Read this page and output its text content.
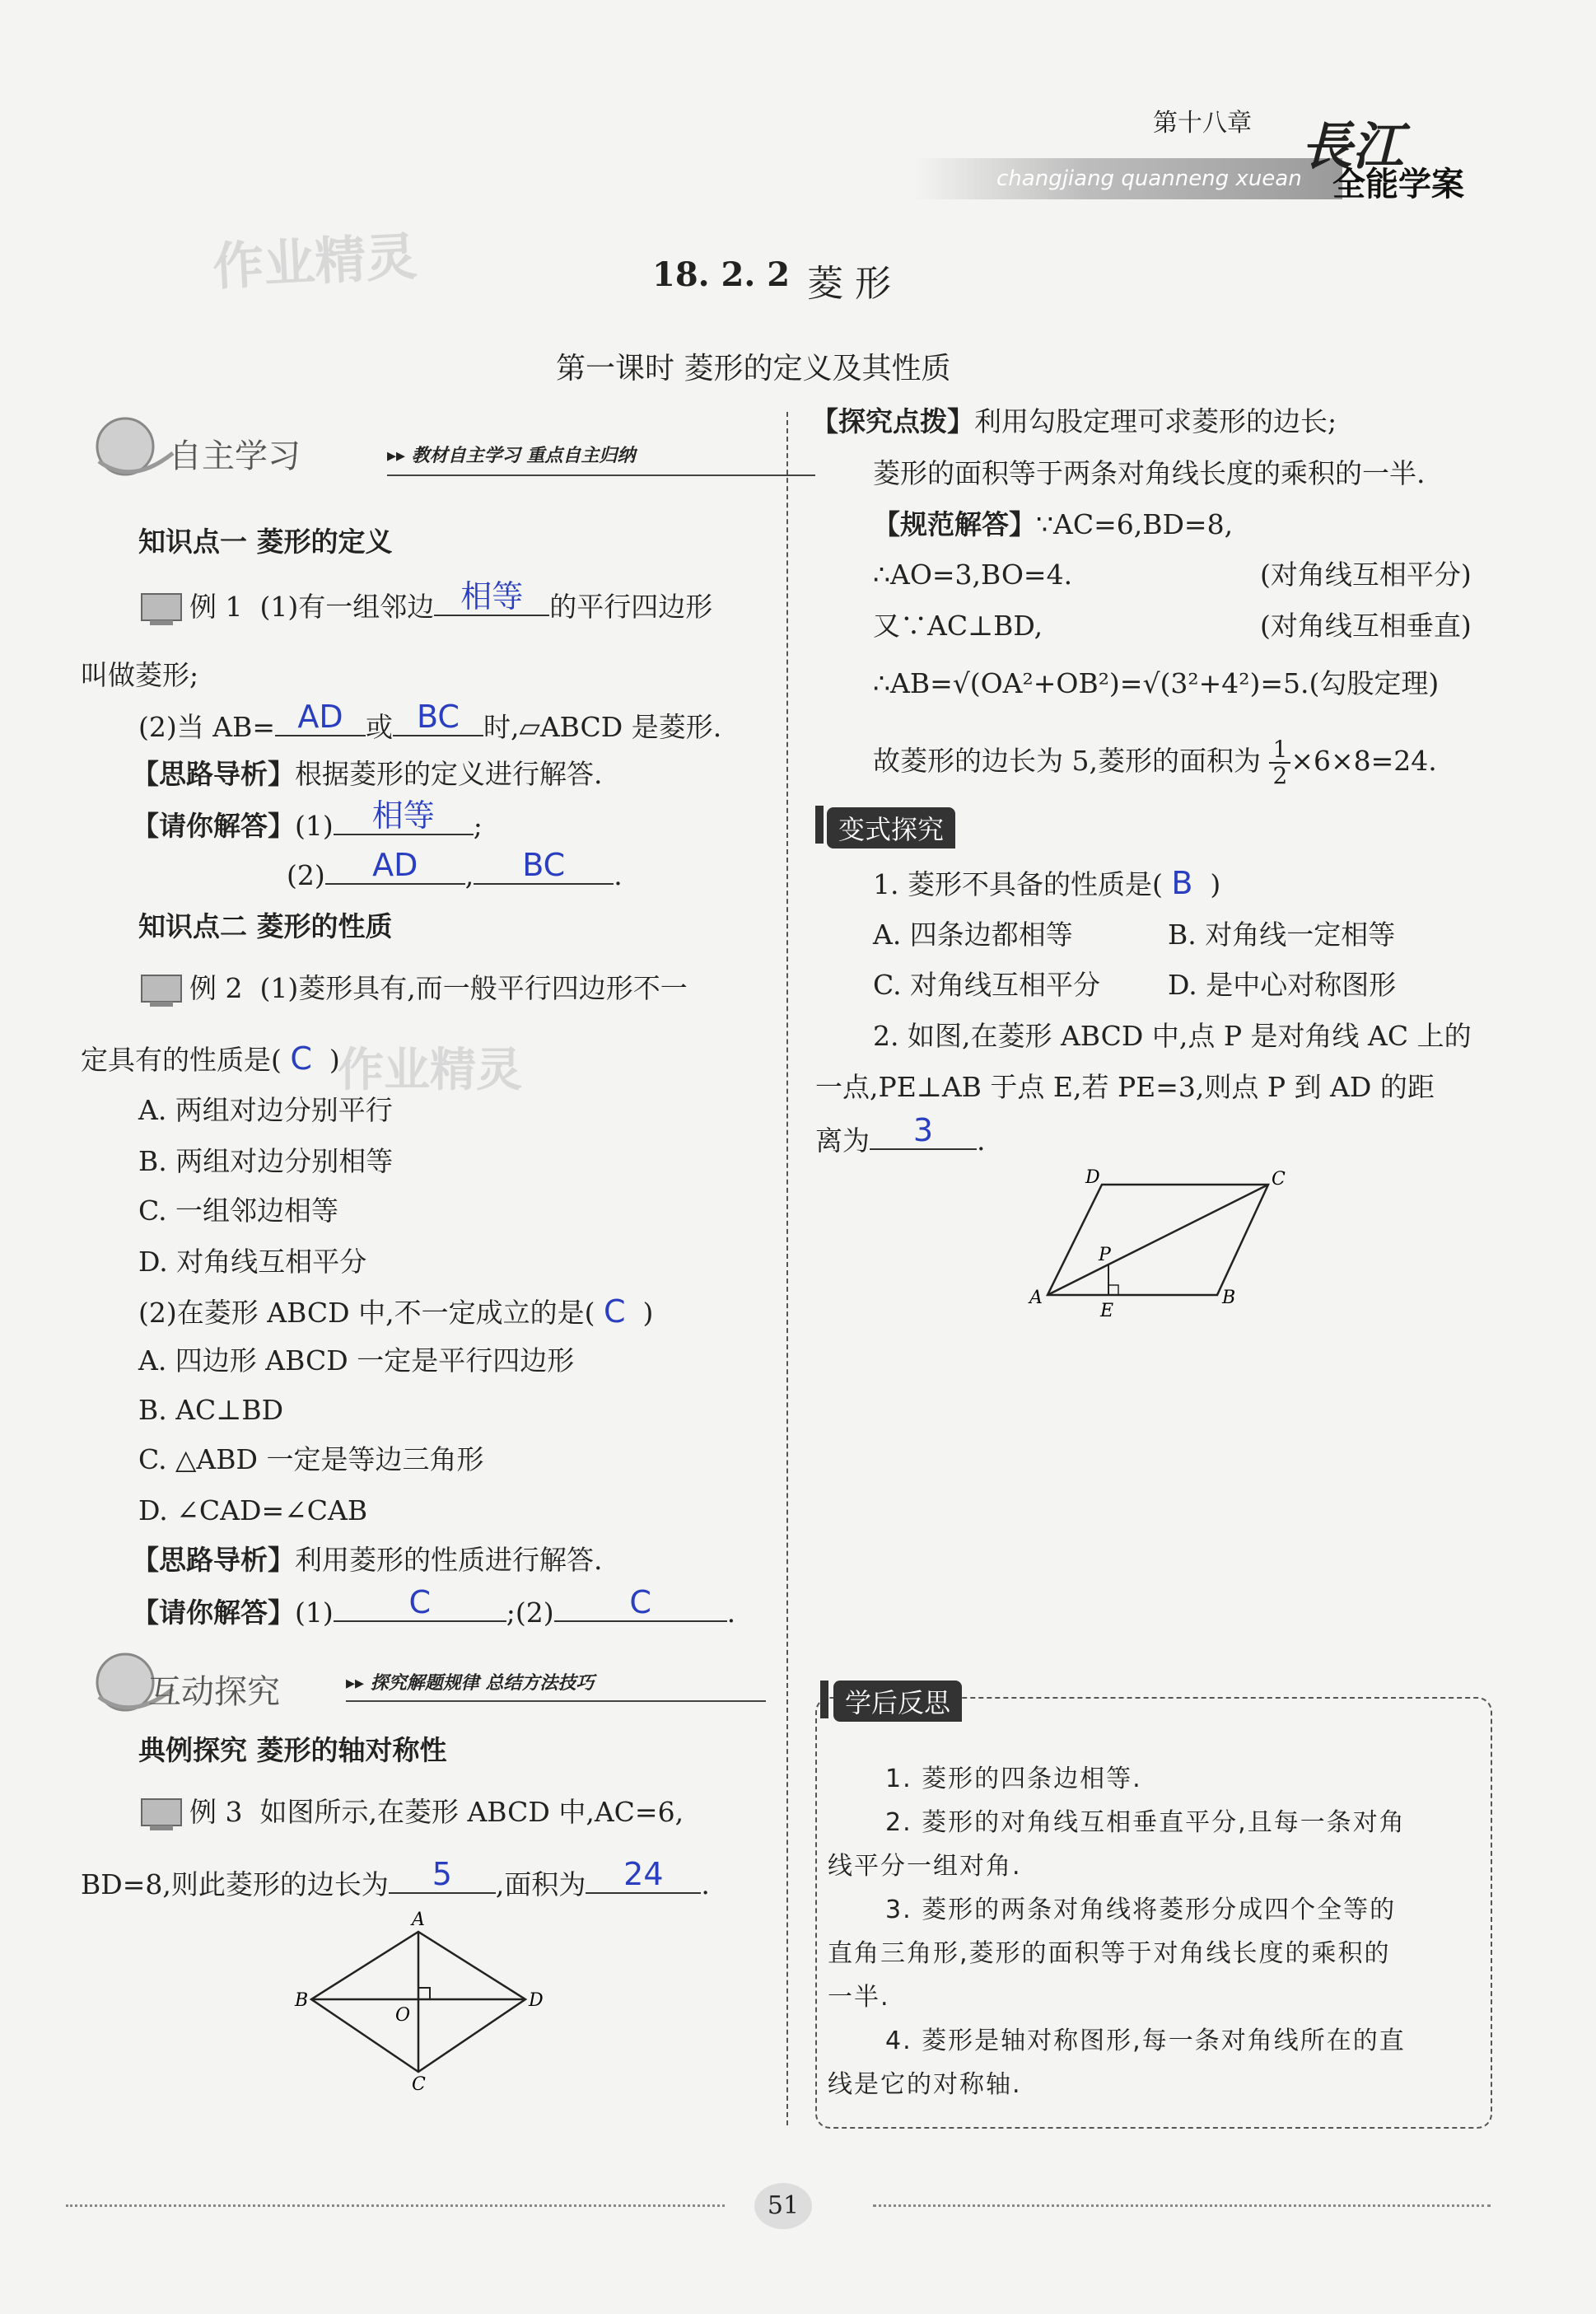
第十八章
changjiang quanneng xuean
長江
全能学案
作业精灵	18. 2. 2 菱 形
第一课时 菱形的定义及其性质
自主学习	▸▸ 教材自主学习 重点自主归纳
知识点一 菱形的定义
例 1 (1)有一组邻边 相等 的平行四边形
叫做菱形;
(2)当 AB= AD 或 BC 时,▱ABCD 是菱形.
【思路导析】根据菱形的定义进行解答.
【请你解答】(1)	相等	;
(2)	AD	,	BC	.
知识点二 菱形的性质
例 2 (1)菱形具有,而一般平行四边形不一
定具有的性质是( C )
作业精灵
A. 两组对边分别平行
B. 两组对边分别相等
C. 一组邻边相等
D. 对角线互相平分
(2)在菱形 ABCD 中,不一定成立的是( C )
A. 四边形 ABCD 一定是平行四边形
B. AC⊥BD
C. △ABD 一定是等边三角形
D. ∠CAD=∠CAB
【思路导析】利用菱形的性质进行解答.
【请你解答】(1)	C	;(2)	C	.
互动探究	▸▸ 探究解题规律 总结方法技巧
典例探究 菱形的轴对称性
例 3 如图所示,在菱形 ABCD 中,AC=6,
BD=8,则此菱形的边长为	5	,面积为	24	.
A
B
C
D
O
【探究点拨】利用勾股定理可求菱形的边长;
菱形的面积等于两条对角线长度的乘积的一半.
【规范解答】∵AC=6,BD=8,
∴AO=3,BO=4.	(对角线互相平分)
又∵AC⊥BD,	(对角线互相垂直)
∴AB=√(OA²+OB²)=√(3²+4²)=5.(勾股定理)
故菱形的边长为 5,菱形的面积为 $\frac{1}{2} \times 6\times 8=24$.
变式探究
1. 菱形不具备的性质是( B )
A. 四条边都相等	B. 对角线一定相等
C. 对角线互相平分 D. 是中心对称图形
2. 如图,在菱形 ABCD 中,点 P 是对角线 AC 上的
一点,PE⊥AB 于点 E,若 PE=3,则点 P 到 AD 的距
离为	3	.
A	B
C
D
P
E
学后反思
1. 菱形的四条边相等.
2. 菱形的对角线互相垂直平分,且每一条对角
线平分一组对角.
3. 菱形的两条对角线将菱形分成四个全等的
直角三角形,菱形的面积等于对角线长度的乘积的
一半.
4. 菱形是轴对称图形,每一条对角线所在的直
线是它的对称轴.
51
